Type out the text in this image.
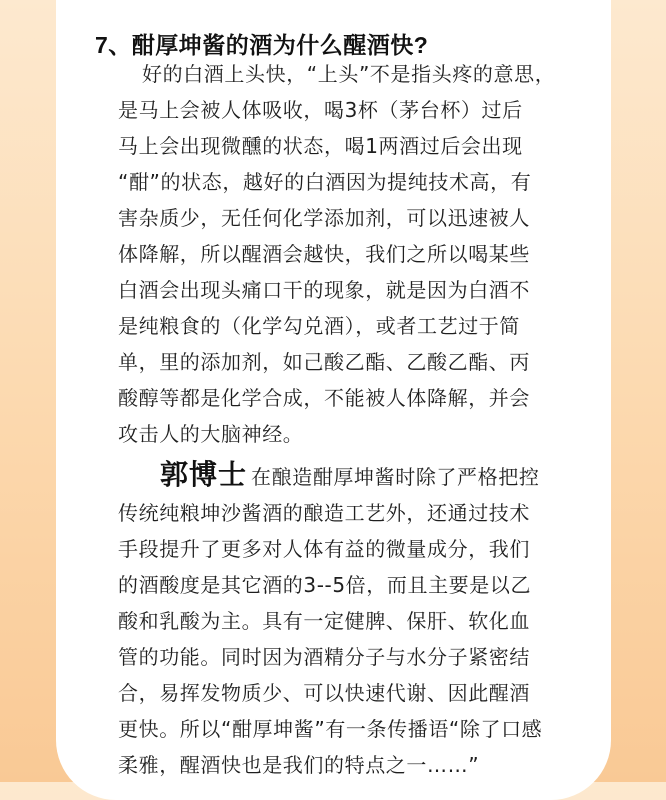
7、酣厚坤酱的酒为什么醒酒快?
好的白酒上头快，“上头”不是指头疼的意思，
是马上会被人体吸收，喝3杯（茅台杯）过后
马上会出现微醺的状态，喝1两酒过后会出现
“酣”的状态，越好的白酒因为提纯技术高，有
害杂质少，无任何化学添加剂，可以迅速被人
体降解，所以醒酒会越快，我们之所以喝某些
白酒会出现头痛口干的现象，就是因为白酒不
是纯粮食的（化学勾兑酒），或者工艺过于简
单，里的添加剂，如己酸乙酯、乙酸乙酯、丙
酸醇等都是化学合成，不能被人体降解，并会
攻击人的大脑神经。
郭博士 在酿造酣厚坤酱时除了严格把控
传统纯粮坤沙酱酒的酿造工艺外，还通过技术
手段提升了更多对人体有益的微量成分，我们
的酒酸度是其它酒的3--5倍，而且主要是以乙
酸和乳酸为主。具有一定健脾、保肝、软化血
管的功能。同时因为酒精分子与水分子紧密结
合，易挥发物质少、可以快速代谢、因此醒酒
更快。所以“酣厚坤酱”有一条传播语“除了口感
柔雅，醒酒快也是我们的特点之一……”
